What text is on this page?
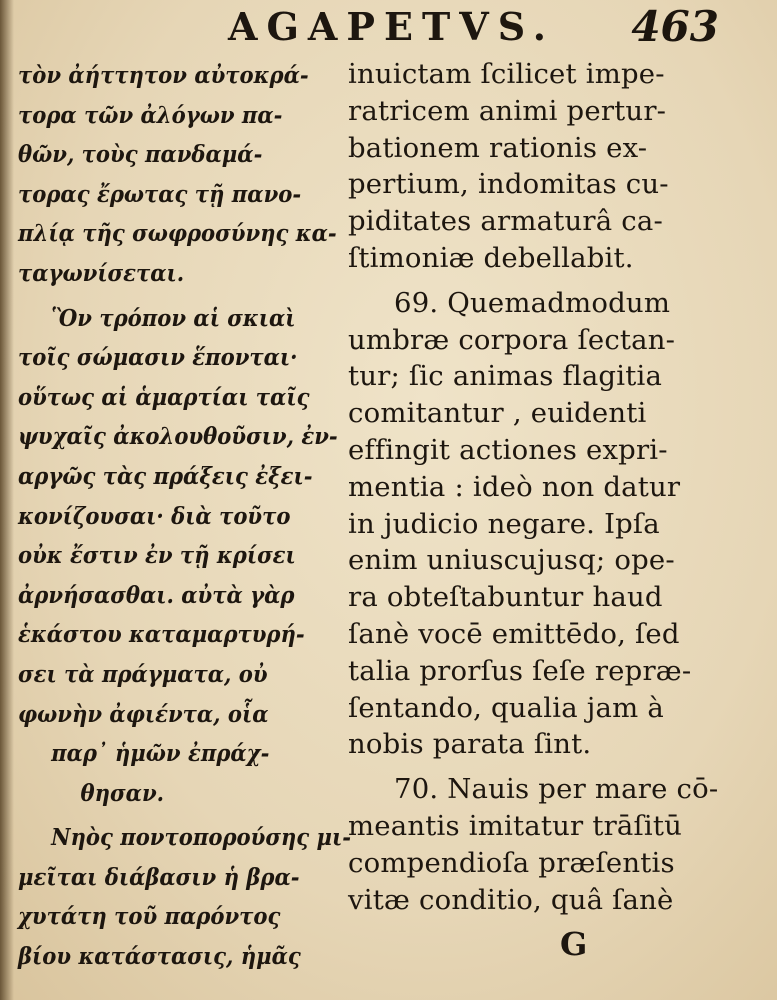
AGAPETVS. 463
τὸν ἀήττητον αὐτοκρά-
τορα τῶν ἀλόγων πα-
θῶν, τοὺς πανδαμά-
τορας ἔρωτας τῇ πανο-
πλίᾳ τῆς σωφροσύνης κα-
ταγωνίσεται.
Ὃν τρόπον αἱ σκιαὶ
τοῖς σώμασιν ἕπονται·
οὕτως αἱ ἁμαρτίαι ταῖς
ψυχαῖς ἀκολουθοῦσιν, ἐν-
αργῶς τὰς πράξεις ἐξει-
κονίζουσαι· διὰ τοῦτο
οὐκ ἔστιν ἐν τῇ κρίσει
ἀρνήσασθαι. αὐτὰ γὰρ
ἑκάστου καταμαρτυρή-
σει τὰ πράγματα, οὐ
φωνὴν ἀφιέντα, οἷα
παρ᾽ ἡμῶν ἐπράχ-
θησαν.
Νηὸς ποντοπορούσης μι-
μεῖται διάβασιν ἡ βρα-
χυτάτη τοῦ παρόντος
βίου κατάστασις, ἡμᾶς
inuictam ſcilicet impe-
ratricem animi pertur-
bationem rationis ex-
pertium, indomitas cu-
piditates armaturâ ca-
ſtimoniæ debellabit.
69. Quemadmodum
umbræ corpora ſectan-
tur; ſic animas flagitia
comitantur , euidenti
effingit actiones expri-
mentia : ideò non datur
in judicio negare. Ipſa
enim uniuscujusq; ope-
ra obteſtabuntur haud
ſanè vocē emittēdo, ſed
talia prorſus ſeſe repræ-
ſentando, qualia jam à
nobis parata ſint.
70. Nauis per mare cō-
meantis imitatur trāſitū
compendioſa præſentis
vitæ conditio, quâ ſanè
G
